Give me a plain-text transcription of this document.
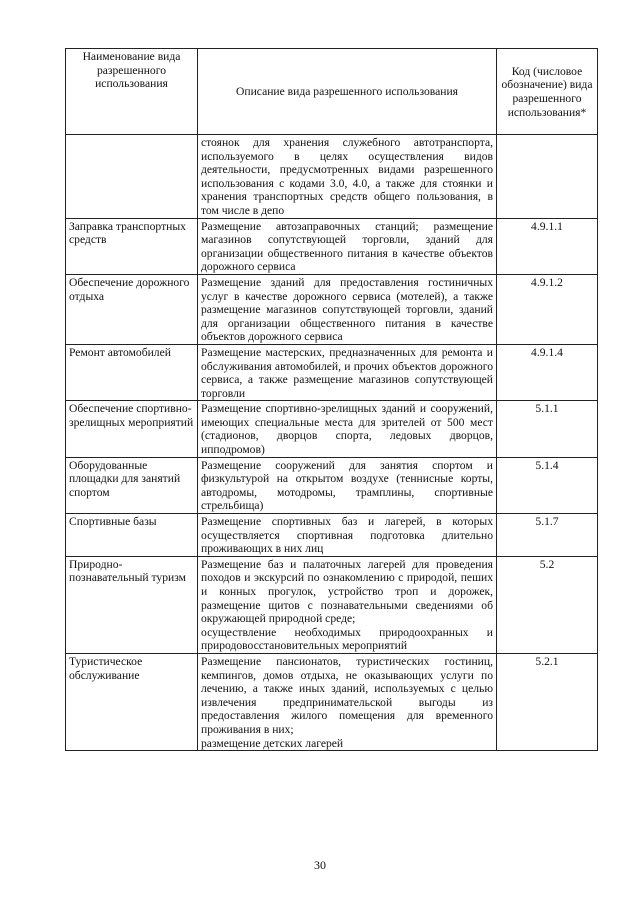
Наименование вида разрешенного использования	Описание вида разрешенного использования	Код (числовое обозначение) вида разрешенного использования*

	стоянок для хранения служебного автотранспорта, используемого в целях осуществления видов деятельности, предусмотренных видами разрешенного использования с кодами 3.0, 4.0, а также для стоянки и хранения транспортных средств общего пользования, в том числе в депо	

Заправка транспортных средств	Размещение автозаправочных станций; размещение магазинов сопутствующей торговли, зданий для организации общественного питания в качестве объектов дорожного сервиса	4.9.1.1
Обеспечение дорожного отдыха	Размещение зданий для предоставления гостиничных услуг в качестве дорожного сервиса (мотелей), а также размещение магазинов сопутствующей торговли, зданий для организации общественного питания в качестве объектов дорожного сервиса	4.9.1.2
Ремонт автомобилей	Размещение мастерских, предназначенных для ремонта и обслуживания автомобилей, и прочих объектов дорожного сервиса, а также размещение магазинов сопутствующей торговли	4.9.1.4
Обеспечение спортивно-зрелищных мероприятий	Размещение спортивно-зрелищных зданий и сооружений, имеющих специальные места для зрителей от 500 мест (стадионов, дворцов спорта, ледовых дворцов, ипподромов)	5.1.1
Оборудованные площадки для занятий спортом	Размещение сооружений для занятия спортом и физкультурой на открытом воздухе (теннисные корты, автодромы, мотодромы, трамплины, спортивные стрельбища)	5.1.4
Спортивные базы	Размещение спортивных баз и лагерей, в которых осуществляется спортивная подготовка длительно проживающих в них лиц	5.1.7
Природно-познавательный туризм	Размещение баз и палаточных лагерей для проведения походов и экскурсий по ознакомлению с природой, пеших и конных прогулок, устройство троп и дорожек, размещение щитов с познавательными сведениями об окружающей природной среде;
осуществление необходимых природоохранных и природовосстановительных мероприятий	5.2
Туристическое обслуживание	Размещение пансионатов, туристических гостиниц, кемпингов, домов отдыха, не оказывающих услуги по лечению, а также иных зданий, используемых с целью извлечения предпринимательской выгоды из предоставления жилого помещения для временного проживания в них;
размещение детских лагерей	5.2.1
30
